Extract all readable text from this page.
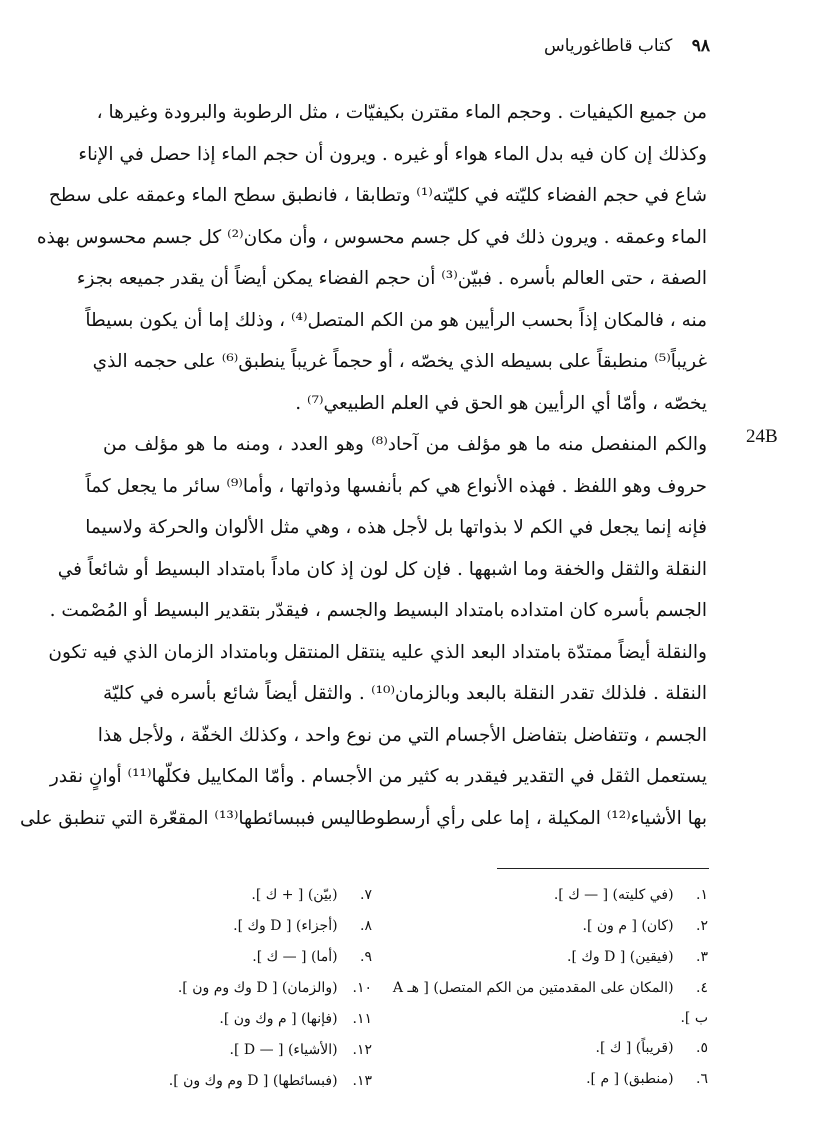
٩٨ كتاب قاطاغورياس
من جميع الكيفيات . وحجم الماء مقترن بكيفيّات ، مثل الرطوبة والبرودة وغيرها ،
وكذلك إن كان فيه بدل الماء هواء أو غيره . ويرون أن حجم الماء إذا حصل في الإناء
شاع في حجم الفضاء كليّته في كليّته⁽¹⁾ وتطابقا ، فانطبق سطح الماء وعمقه على سطح
الماء وعمقه . ويرون ذلك في كل جسم محسوس ، وأن مكان⁽²⁾ كل جسم محسوس بهذه
الصفة ، حتى العالم بأسره . فبيّن⁽³⁾ أن حجم الفضاء يمكن أيضاً أن يقدر جميعه بجزء
منه ، فالمكان إذاً بحسب الرأيين هو من الكم المتصل⁽⁴⁾ ، وذلك إما أن يكون بسيطاً
غريباً⁽⁵⁾ منطبقاً على بسيطه الذي يخصّه ، أو حجماً غريباً ينطبق⁽⁶⁾ على حجمه الذي
يخصّه ، وأمّا أي الرأيين هو الحق في العلم الطبيعي⁽⁷⁾ .
24B
والكم المنفصل منه ما هو مؤلف من آحاد⁽⁸⁾ وهو العدد ، ومنه ما هو مؤلف من
حروف وهو اللفظ . فهذه الأنواع هي كم بأنفسها وذواتها ، وأما⁽⁹⁾ سائر ما يجعل كماً
فإنه إنما يجعل في الكم لا بذواتها بل لأجل هذه ، وهي مثل الألوان والحركة ولاسيما
النقلة والثقل والخفة وما اشبهها . فإن كل لون إذ كان ماداً بامتداد البسيط أو شائعاً في
الجسم بأسره كان امتداده بامتداد البسيط والجسم ، فيقدّر بتقدير البسيط أو المُصْمت .
والنقلة أيضاً ممتدّة بامتداد البعد الذي عليه ينتقل المنتقل وبامتداد الزمان الذي فيه تكون
النقلة . فلذلك تقدر النقلة بالبعد وبالزمان⁽¹⁰⁾ . والثقل أيضاً شائع بأسره في كليّة
الجسم ، وتتفاضل بتفاضل الأجسام التي من نوع واحد ، وكذلك الخفّة ، ولأجل هذا
يستعمل الثقل في التقدير فيقدر به كثير من الأجسام . وأمّا المكاييل فكلّها⁽¹¹⁾ أوانٍ نقدر
بها الأشياء⁽¹²⁾ المكيلة ، إما على رأي أرسطوطاليس فببسائطها⁽¹³⁾ المقعّرة التي تنطبق على
١. (في كليته) [ — ك ].
٢. (كان) [ م ون ].
٣. (فيقين) [ D وك ].
٤. (المكان على المقدمتين من الكم المتصل) [ هـ A ب ].
٥. (قريباً) [ ك ].
٦. (منطبق) [ م ].
٧. (بيّن) [ + ك ].
٨. (أجزاء) [ D وك ].
٩. (أما) [ — ك ].
١٠. (والزمان) [ D وك وم ون ].
١١. (فإنها) [ م وك ون ].
١٢. (الأشياء) [ — D ].
١٣. (فبسائطها) [ D وم وك ون ].
